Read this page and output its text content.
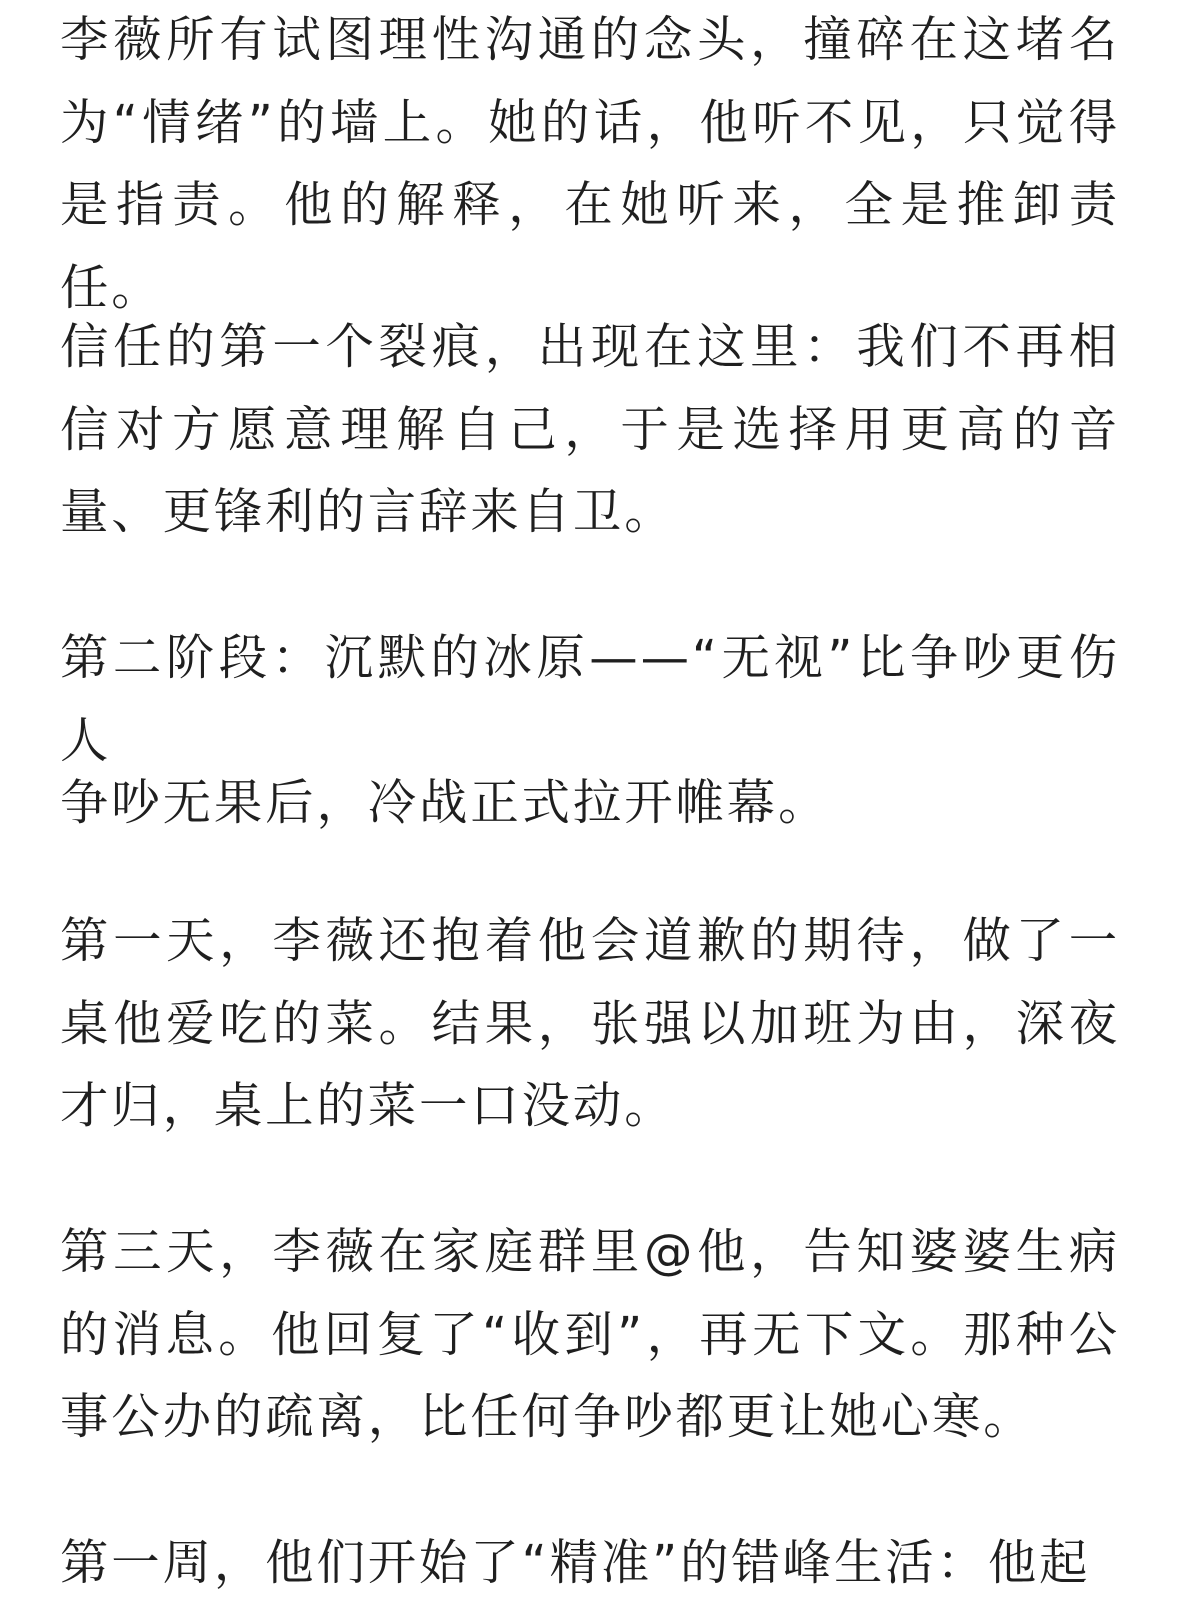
李薇所有试图理性沟通的念头，撞碎在这堵名为“情绪”的墙上。她的话，他听不见，只觉得是指责。他的解释，在她听来，全是推卸责任。

信任的第一个裂痕，出现在这里：我们不再相信对方愿意理解自己，于是选择用更高的音量、更锋利的言辞来自卫。

第二阶段：沉默的冰原——“无视”比争吵更伤人

争吵无果后，冷战正式拉开帷幕。

第一天，李薇还抱着他会道歉的期待，做了一桌他爱吃的菜。结果，张强以加班为由，深夜才归，桌上的菜一口没动。

第三天，李薇在家庭群里@他，告知婆婆生病的消息。他回复了“收到”，再无下文。那种公事公办的疏离，比任何争吵都更让她心寒。

第一周，他们开始了“精准”的错峰生活：他起
